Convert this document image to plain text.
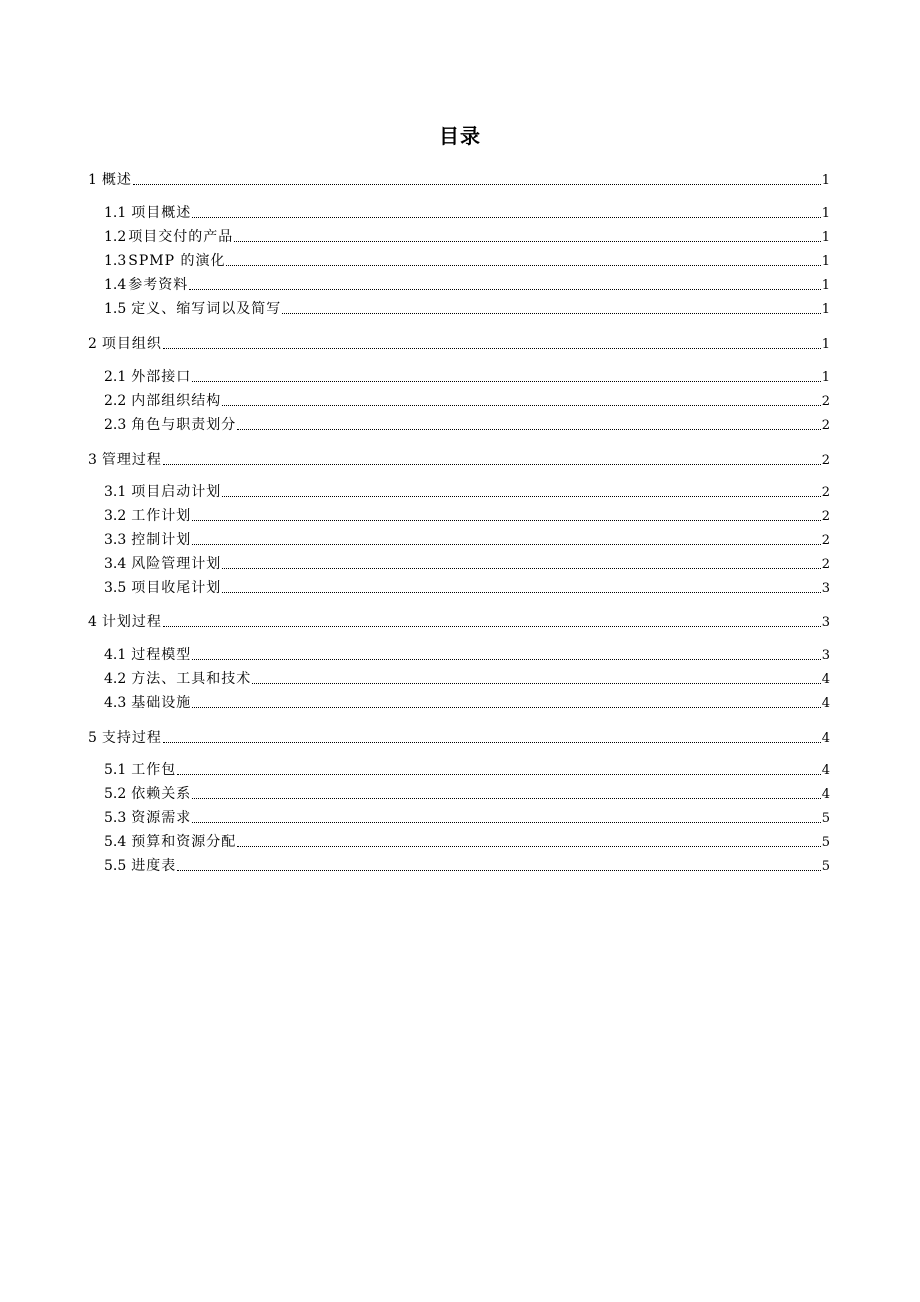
目录
1 概述	1
1.1 项目概述	1
1.2 项目交付的产品	1
1.3 SPMP 的演化	1
1.4 参考资料	1
1.5 定义、缩写词以及简写	1
2 项目组织	1
2.1 外部接口	1
2.2 内部组织结构	2
2.3 角色与职责划分	2
3 管理过程	2
3.1 项目启动计划	2
3.2 工作计划	2
3.3 控制计划	2
3.4 风险管理计划	2
3.5 项目收尾计划	3
4 计划过程	3
4.1 过程模型	3
4.2 方法、工具和技术	4
4.3 基础设施	4
5 支持过程	4
5.1 工作包	4
5.2 依赖关系	4
5.3 资源需求	5
5.4 预算和资源分配	5
5.5 进度表	5
